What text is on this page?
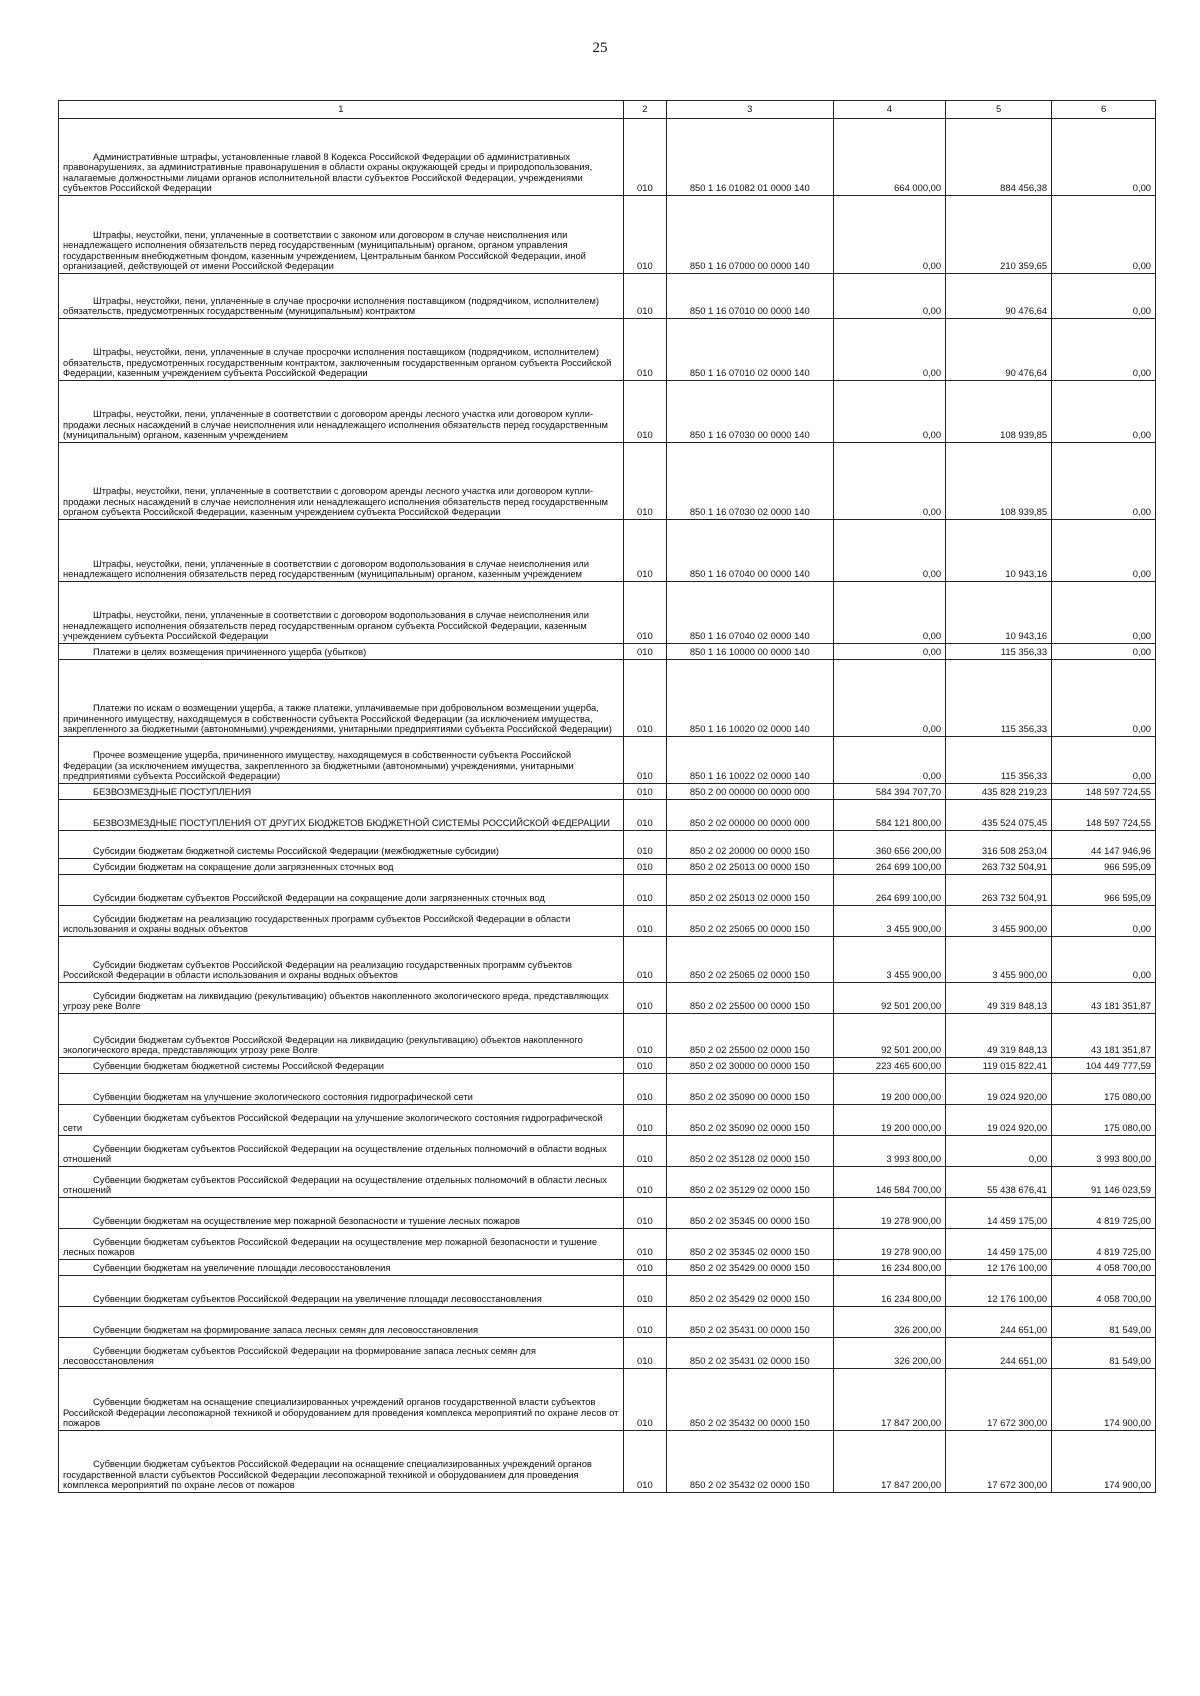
25
1	2	3	4	5	6
Административные штрафы, установленные главой 8 Кодекса Российской Федерации об административных правонарушениях, за административные правонарушения в области охраны окружающей среды и природопользования, налагаемые должностными лицами органов исполнительной власти субъектов Российской Федерации, учреждениями субъектов Российской Федерации	010	850 1 16 01082 01 0000 140	664 000,00	884 456,38	0,00
Штрафы, неустойки, пени, уплаченные в соответствии с законом или договором в случае неисполнения или ненадлежащего исполнения обязательств перед государственным (муниципальным) органом, органом управления государственным внебюджетным фондом, казенным учреждением, Центральным банком Российской Федерации, иной организацией, действующей от имени Российской Федерации	010	850 1 16 07000 00 0000 140	0,00	210 359,65	0,00
Штрафы, неустойки, пени, уплаченные в случае просрочки исполнения поставщиком (подрядчиком, исполнителем) обязательств, предусмотренных государственным (муниципальным) контрактом	010	850 1 16 07010 00 0000 140	0,00	90 476,64	0,00
Штрафы, неустойки, пени, уплаченные в случае просрочки исполнения поставщиком (подрядчиком, исполнителем) обязательств, предусмотренных государственным контрактом, заключенным государственным органом субъекта Российской Федерации, казенным учреждением субъекта Российской Федерации	010	850 1 16 07010 02 0000 140	0,00	90 476,64	0,00
Штрафы, неустойки, пени, уплаченные в соответствии с договором аренды лесного участка или договором купли-продажи лесных насаждений в случае неисполнения или ненадлежащего исполнения обязательств перед государственным (муниципальным) органом, казенным учреждением	010	850 1 16 07030 00 0000 140	0,00	108 939,85	0,00
Штрафы, неустойки, пени, уплаченные в соответствии с договором аренды лесного участка или договором купли-продажи лесных насаждений в случае неисполнения или ненадлежащего исполнения обязательств перед государственным органом субъекта Российской Федерации, казенным учреждением субъекта Российской Федерации	010	850 1 16 07030 02 0000 140	0,00	108 939,85	0,00
Штрафы, неустойки, пени, уплаченные в соответствии с договором водопользования в случае неисполнения или ненадлежащего исполнения обязательств перед государственным (муниципальным) органом, казенным учреждением	010	850 1 16 07040 00 0000 140	0,00	10 943,16	0,00
Штрафы, неустойки, пени, уплаченные в соответствии с договором водопользования в случае неисполнения или ненадлежащего исполнения обязательств перед государственным органом субъекта Российской Федерации, казенным учреждением субъекта Российской Федерации	010	850 1 16 07040 02 0000 140	0,00	10 943,16	0,00
Платежи в целях возмещения причиненного ущерба (убытков)	010	850 1 16 10000 00 0000 140	0,00	115 356,33	0,00
Платежи по искам о возмещении ущерба, а также платежи, уплачиваемые при добровольном возмещении ущерба, причиненного имуществу, находящемуся в собственности субъекта Российской Федерации (за исключением имущества, закрепленного за бюджетными (автономными) учреждениями, унитарными предприятиями субъекта Российской Федерации)	010	850 1 16 10020 02 0000 140	0,00	115 356,33	0,00
Прочее возмещение ущерба, причиненного имуществу, находящемуся в собственности субъекта Российской Федерации (за исключением имущества, закрепленного за бюджетными (автономными) учреждениями, унитарными предприятиями субъекта Российской Федерации)	010	850 1 16 10022 02 0000 140	0,00	115 356,33	0,00
БЕЗВОЗМЕЗДНЫЕ ПОСТУПЛЕНИЯ	010	850 2 00 00000 00 0000 000	584 394 707,70	435 828 219,23	148 597 724,55
БЕЗВОЗМЕЗДНЫЕ ПОСТУПЛЕНИЯ ОТ ДРУГИХ БЮДЖЕТОВ БЮДЖЕТНОЙ СИСТЕМЫ РОССИЙСКОЙ ФЕДЕРАЦИИ	010	850 2 02 00000 00 0000 000	584 121 800,00	435 524 075,45	148 597 724,55
Субсидии бюджетам бюджетной системы Российской Федерации (межбюджетные субсидии)	010	850 2 02 20000 00 0000 150	360 656 200,00	316 508 253,04	44 147 946,96
Субсидии бюджетам на сокращение доли загрязненных сточных вод	010	850 2 02 25013 00 0000 150	264 699 100,00	263 732 504,91	966 595,09
Субсидии бюджетам субъектов Российской Федерации на сокращение доли загрязненных сточных вод	010	850 2 02 25013 02 0000 150	264 699 100,00	263 732 504,91	966 595,09
Субсидии бюджетам на реализацию государственных программ субъектов Российской Федерации в области использования и охраны водных объектов	010	850 2 02 25065 00 0000 150	3 455 900,00	3 455 900,00	0,00
Субсидии бюджетам субъектов Российской Федерации на реализацию государственных программ субъектов Российской Федерации в области использования и охраны водных объектов	010	850 2 02 25065 02 0000 150	3 455 900,00	3 455 900,00	0,00
Субсидии бюджетам на ликвидацию (рекультивацию) объектов накопленного экологического вреда, представляющих угрозу реке Волге	010	850 2 02 25500 00 0000 150	92 501 200,00	49 319 848,13	43 181 351,87
Субсидии бюджетам субъектов Российской Федерации на ликвидацию (рекультивацию) объектов накопленного экологического вреда, представляющих угрозу реке Волге	010	850 2 02 25500 02 0000 150	92 501 200,00	49 319 848,13	43 181 351,87
Субвенции бюджетам бюджетной системы Российской Федерации	010	850 2 02 30000 00 0000 150	223 465 600,00	119 015 822,41	104 449 777,59
Субвенции бюджетам на улучшение экологического состояния гидрографической сети	010	850 2 02 35090 00 0000 150	19 200 000,00	19 024 920,00	175 080,00
Субвенции бюджетам субъектов Российской Федерации на улучшение экологического состояния гидрографической сети	010	850 2 02 35090 02 0000 150	19 200 000,00	19 024 920,00	175 080,00
Субвенции бюджетам субъектов Российской Федерации на осуществление отдельных полномочий в области водных отношений	010	850 2 02 35128 02 0000 150	3 993 800,00	0,00	3 993 800,00
Субвенции бюджетам субъектов Российской Федерации на осуществление отдельных полномочий в области лесных отношений	010	850 2 02 35129 02 0000 150	146 584 700,00	55 438 676,41	91 146 023,59
Субвенции бюджетам на осуществление мер пожарной безопасности и тушение лесных пожаров	010	850 2 02 35345 00 0000 150	19 278 900,00	14 459 175,00	4 819 725,00
Субвенции бюджетам субъектов Российской Федерации на осуществление мер пожарной безопасности и тушение лесных пожаров	010	850 2 02 35345 02 0000 150	19 278 900,00	14 459 175,00	4 819 725,00
Субвенции бюджетам на увеличение площади лесовосстановления	010	850 2 02 35429 00 0000 150	16 234 800,00	12 176 100,00	4 058 700,00
Субвенции бюджетам субъектов Российской Федерации на увеличение площади лесовосстановления	010	850 2 02 35429 02 0000 150	16 234 800,00	12 176 100,00	4 058 700,00
Субвенции бюджетам на формирование запаса лесных семян для лесовосстановления	010	850 2 02 35431 00 0000 150	326 200,00	244 651,00	81 549,00
Субвенции бюджетам субъектов Российской Федерации на формирование запаса лесных семян для лесовосстановления	010	850 2 02 35431 02 0000 150	326 200,00	244 651,00	81 549,00
Субвенции бюджетам на оснащение специализированных учреждений органов государственной власти субъектов Российской Федерации лесопожарной техникой и оборудованием для проведения комплекса мероприятий по охране лесов от пожаров	010	850 2 02 35432 00 0000 150	17 847 200,00	17 672 300,00	174 900,00
Субвенции бюджетам субъектов Российской Федерации на оснащение специализированных учреждений органов государственной власти субъектов Российской Федерации лесопожарной техникой и оборудованием для проведения комплекса мероприятий по охране лесов от пожаров	010	850 2 02 35432 02 0000 150	17 847 200,00	17 672 300,00	174 900,00
